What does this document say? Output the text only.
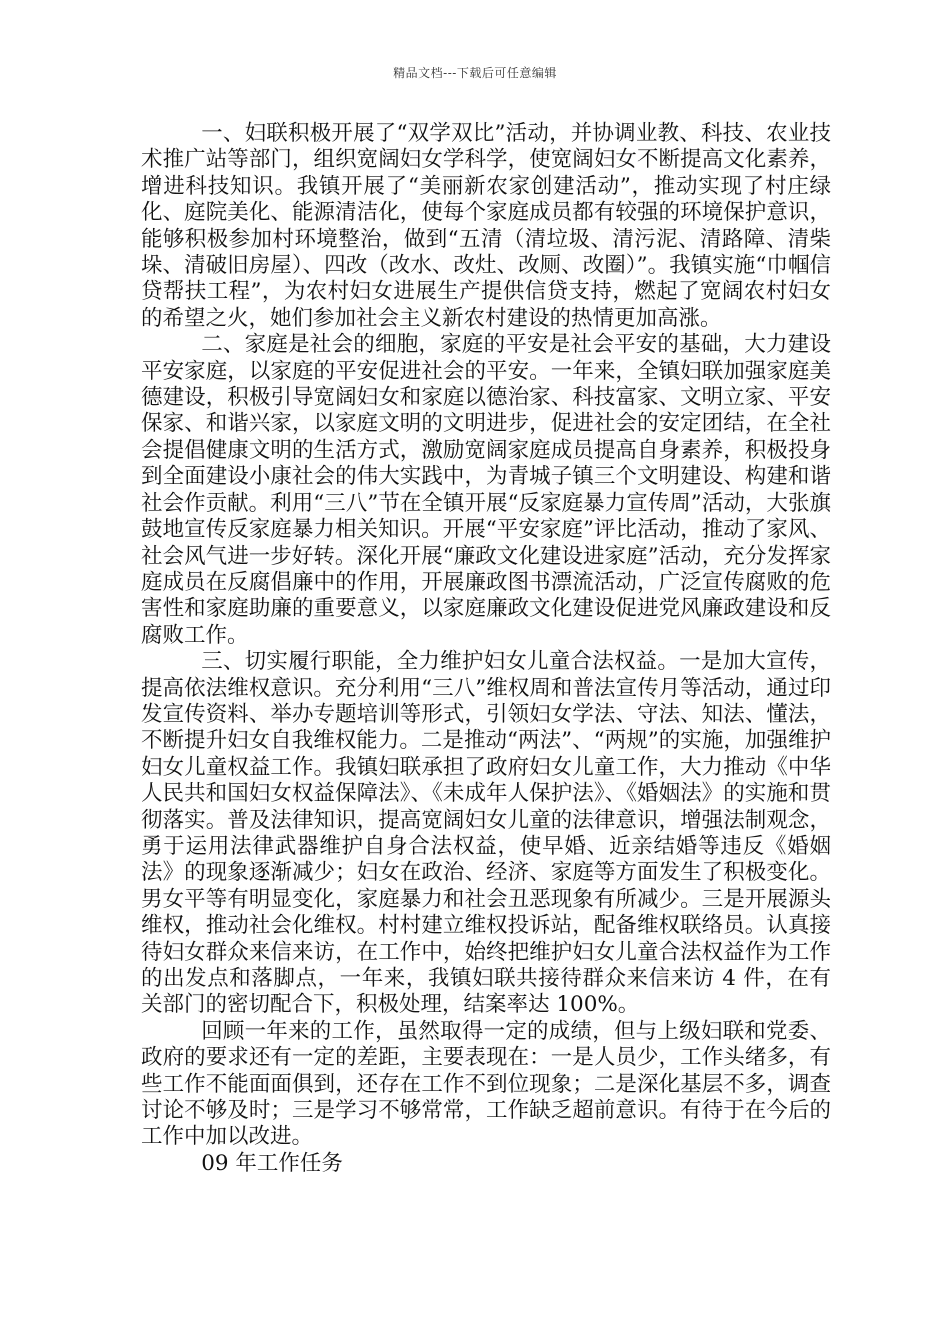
精品文档---下载后可任意编辑

一、妇联积极开展了“双学双比”活动，并协调业教、科技、农业技术推广站等部门，组织宽阔妇女学科学，使宽阔妇女不断提高文化素养，增进科技知识。我镇开展了“美丽新农家创建活动”，推动实现了村庄绿化、庭院美化、能源清洁化，使每个家庭成员都有较强的环境保护意识，能够积极参加村环境整治，做到“五清（清垃圾、清污泥、清路障、清柴垛、清破旧房屋）、四改（改水、改灶、改厕、改圈）”。我镇实施“巾帼信贷帮扶工程”，为农村妇女进展生产提供信贷支持，燃起了宽阔农村妇女的希望之火，她们参加社会主义新农村建设的热情更加高涨。

二、家庭是社会的细胞，家庭的平安是社会平安的基础，大力建设平安家庭，以家庭的平安促进社会的平安。一年来，全镇妇联加强家庭美德建设，积极引导宽阔妇女和家庭以德治家、科技富家、文明立家、平安保家、和谐兴家，以家庭文明的文明进步，促进社会的安定团结，在全社会提倡健康文明的生活方式，激励宽阔家庭成员提高自身素养，积极投身到全面建设小康社会的伟大实践中，为青城子镇三个文明建设、构建和谐社会作贡献。利用“三八”节在全镇开展“反家庭暴力宣传周”活动，大张旗鼓地宣传反家庭暴力相关知识。开展“平安家庭”评比活动，推动了家风、社会风气进一步好转。深化开展“廉政文化建设进家庭”活动，充分发挥家庭成员在反腐倡廉中的作用，开展廉政图书漂流活动，广泛宣传腐败的危害性和家庭助廉的重要意义，以家庭廉政文化建设促进党风廉政建设和反腐败工作。

三、切实履行职能，全力维护妇女儿童合法权益。一是加大宣传，提高依法维权意识。充分利用“三八”维权周和普法宣传月等活动，通过印发宣传资料、举办专题培训等形式，引领妇女学法、守法、知法、懂法，不断提升妇女自我维权能力。二是推动“两法”、“两规”的实施，加强维护妇女儿童权益工作。我镇妇联承担了政府妇女儿童工作，大力推动《中华人民共和国妇女权益保障法》、《未成年人保护法》、《婚姻法》的实施和贯彻落实。普及法律知识，提高宽阔妇女儿童的法律意识，增强法制观念，勇于运用法律武器维护自身合法权益，使早婚、近亲结婚等违反《婚姻法》的现象逐渐减少；妇女在政治、经济、家庭等方面发生了积极变化。男女平等有明显变化，家庭暴力和社会丑恶现象有所减少。三是开展源头维权，推动社会化维权。村村建立维权投诉站，配备维权联络员。认真接待妇女群众来信来访，在工作中，始终把维护妇女儿童合法权益作为工作的出发点和落脚点，一年来，我镇妇联共接待群众来信来访 4 件，在有关部门的密切配合下，积极处理，结案率达 100%。

回顾一年来的工作，虽然取得一定的成绩，但与上级妇联和党委、政府的要求还有一定的差距，主要表现在：一是人员少，工作头绪多，有些工作不能面面俱到，还存在工作不到位现象；二是深化基层不多，调查讨论不够及时；三是学习不够常常，工作缺乏超前意识。有待于在今后的工作中加以改进。

09 年工作任务
